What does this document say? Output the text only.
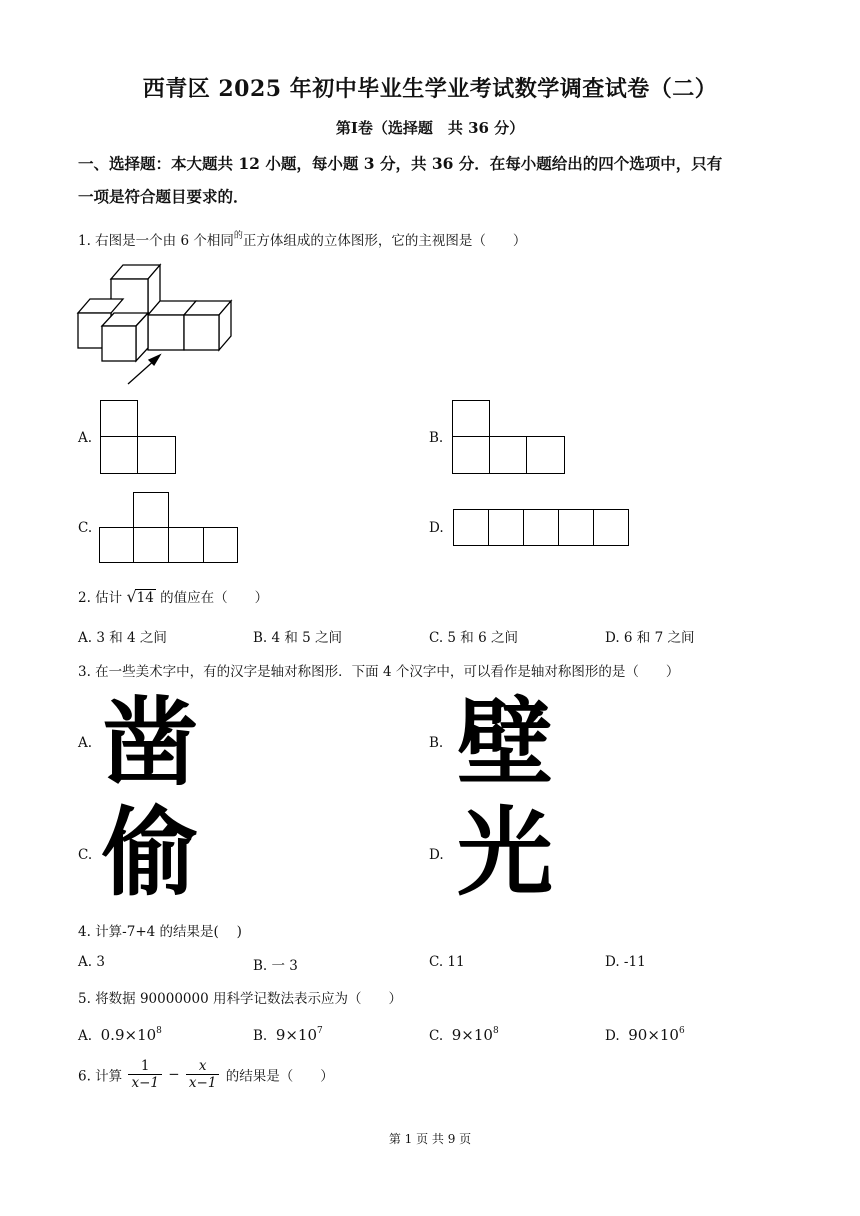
西青区 2025 年初中毕业生学业考试数学调查试卷（二）
第Ⅰ卷（选择题　共 36 分）
一、选择题：本大题共 12 小题，每小题 3 分，共 36 分．在每小题给出的四个选项中，只有
一项是符合题目要求的．
1. 右图是一个由 6 个相同$^的$正方体组成的立体图形，它的主视图是（　　）
A.	B.
C.	D.
2. 估计 √14 的值应在（　　）
A. 3 和 4 之间	B. 4 和 5 之间	C. 5 和 6 之间	D. 6 和 7 之间
3. 在一些美术字中，有的汉字是轴对称图形．下面 4 个汉字中，可以看作是轴对称图形的是（　　）
A. 凿	B. 壁
C. 偷	D. 光
4. 计算-7+4 的结果是(　 )
A. 3	B. 一 3	C. 11	D. -11
5. 将数据 90000000 用科学记数法表示应为（　　）
A. $0.9\times 10^8$	B. $9\times 10^7$	C. $9\times 10^8$	D. $90\times 10^6$
6. 计算 $\frac{1}{x-1} - \frac{x}{x-1}$ 的结果是（　　）
第 1 页 共 9 页
